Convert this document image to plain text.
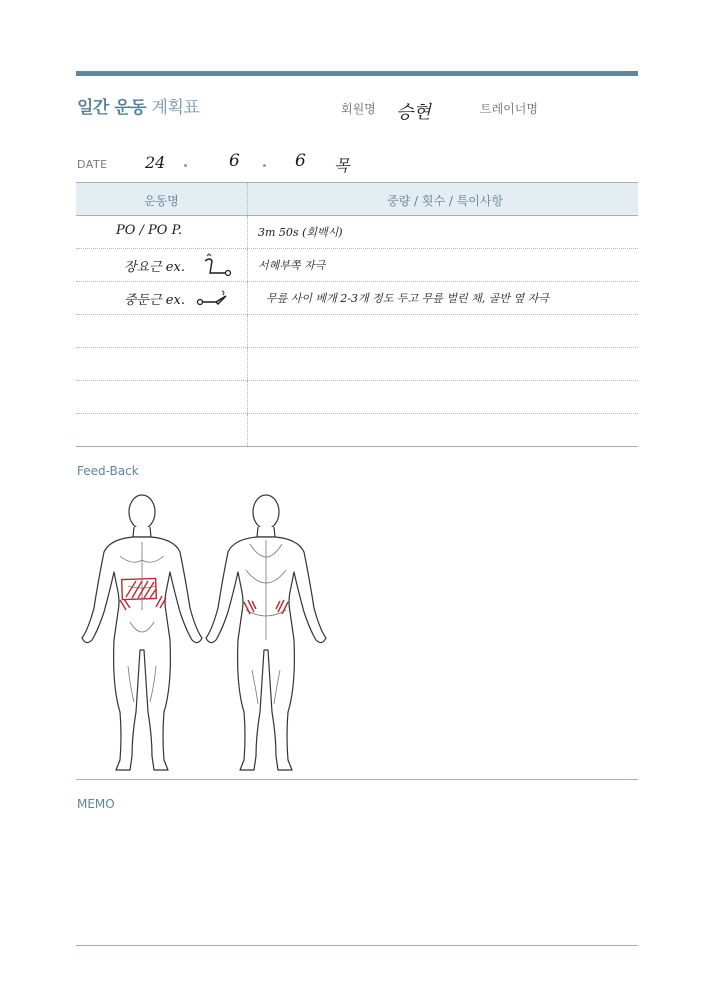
일간 운동 계획표	회원명 승현	트레이너명
DATE 24	6	6 목
운동명	중량 / 횟수 / 특이사항
PO / PO P.	3m 50s (회백시)
장요근 ex.	서혜부쪽 자극
중둔근 ex.	무릎 사이 베개 2-3개 정도 두고 무릎 벌린 채, 골반 옆 자극
Feed-Back
MEMO
